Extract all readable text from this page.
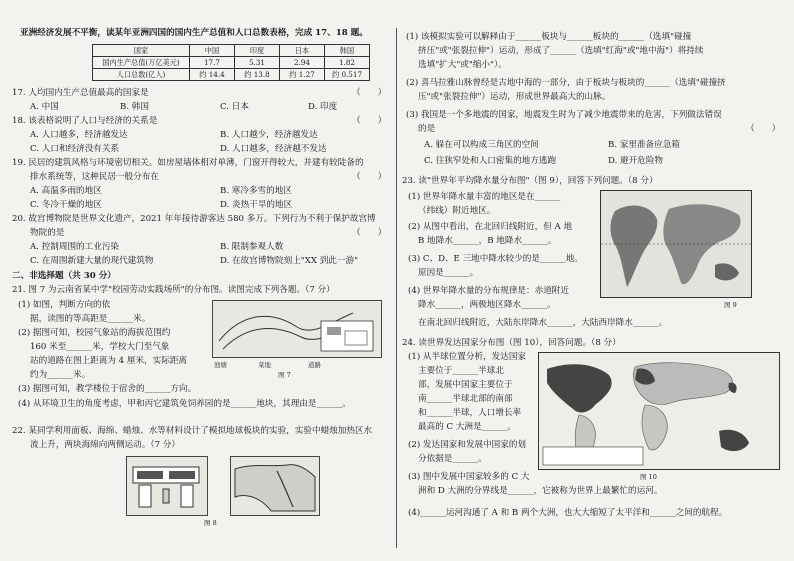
亚洲经济发展不平衡，读某年亚洲四国的国内生产总值和人口总数表格，完成 17、18 题。
国家	中国	印度	日本	韩国
国内生产总值(万亿美元)	17.7	5.31	2.94	1.82
人口总数(亿人)	约 14.4	约 13.8	约 1.27	约 0.517
17. 人均国内生产总值最高的国家是	（　　）
A. 中国	B. 韩国	C. 日本	D. 印度
18. 该表格说明了人口与经济的关系是	（　　）
A. 人口越多，经济越发达	B. 人口越少，经济越发达
C. 人口和经济没有关系	D. 人口越多，经济越不发达
19. 民居的建筑风格与环境密切相关。如房屋墙体相对单薄，门窗开得较大，并建有较陡备的
排水系统等，这种民居一般分布在	（　　）
A. 高温多雨的地区	B. 寒冷多雪的地区
C. 冬冷干燥的地区	D. 炎热干旱的地区
20. 故宫博物院是世界文化遗产，2021 年年接待游客达 580 多万。下列行为不利于保护故宫博
物院的是	（　　）
A. 控制周围的工业污染	B. 限制参观人数
C. 在周围新建大量的现代建筑物	D. 在故宫博物院刻上"XX 到此一游"
二、非选择题（共 30 分）
21. 图 7 为云南省某中学"校园劳动实践场所"的分布图。读图完成下列各题。（7 分）
(1) 如图，判断方向的依
据，读图的等高距是______米。
(2) 据图可知，校园气象站的海拔范围约
160 米至______米，学校大门至气象
站的道路在图上距离为 4 厘米，实际距离
约为______米。
(3) 据图可知，教学楼位于宿舍的______方向。
(4) 从环境卫生的角度考虑，甲和丙它建筑免饲养园的是______地块，其理由是______。
池塘	菜地	道路
图 7
22. 某同学利用面板、海绵、蜡烛、水等材料设计了模拟地球板块的实验，实验中蜡烛加热区水
流上升，两块海绵向两侧运动。（7 分）
图 8
(1) 该模拟实验可以解释由于______板块与______板块的______（选填"碰撞
挤压"或"张裂拉伸"）运动，形成了______（选填"红海"或"地中海"）将持续
选填"扩大"或"缩小"）。
(2) 喜马拉雅山脉曾经是古地中海的一部分，由于板块与板块的______（选填"碰撞挤
压"或"张裂拉伸"）运动，形成世界最高大的山脉。
(3) 我国是一个多地震的国家，地震发生时为了减少地震带来的危害，下列做法错误
的是	（　　）
A. 躲在可以构成三角区的空间	B. 家里准备应急箱
C. 往狭窄处和人口密集的地方逃跑	D. 避开危险物
23. 读"世界年平均降水量分布图"（图 9），回答下列问题。（8 分）
(1) 世界年降水量丰富的地区是在______
（纬线）附近地区。
(2) 从图中看出，在北回归线附近，但 A 地
B 地降水______，B 地降水______。
(3) C、D、E 三地中降水较少的是______地。
原因是______。
(4) 世界年降水量的分布规律是：赤道附近
降水______，两极地区降水______。
在南北回归线附近，大陆东岸降水______，大陆西岸降水______。
图 9
24. 读世界发达国家分布图（图 10），回答问题。（8 分）
(1) 从半球位置分析，发达国家
主要位于______半球北
部，发展中国家主要位于
南______半球北部的南部
和______半球，人口增长率
最高的 C 大洲是______。
(2) 发达国家和发展中国家的划
分依据是______。
(3) 图中发展中国家较多的 C 大
洲和 D 大洲的分界线是______，它被称为世界上最繁忙的运河。
(4)______运河沟通了 A 和 B 两个大洲，也大大缩短了太平洋和______之间的航程。
图 10
